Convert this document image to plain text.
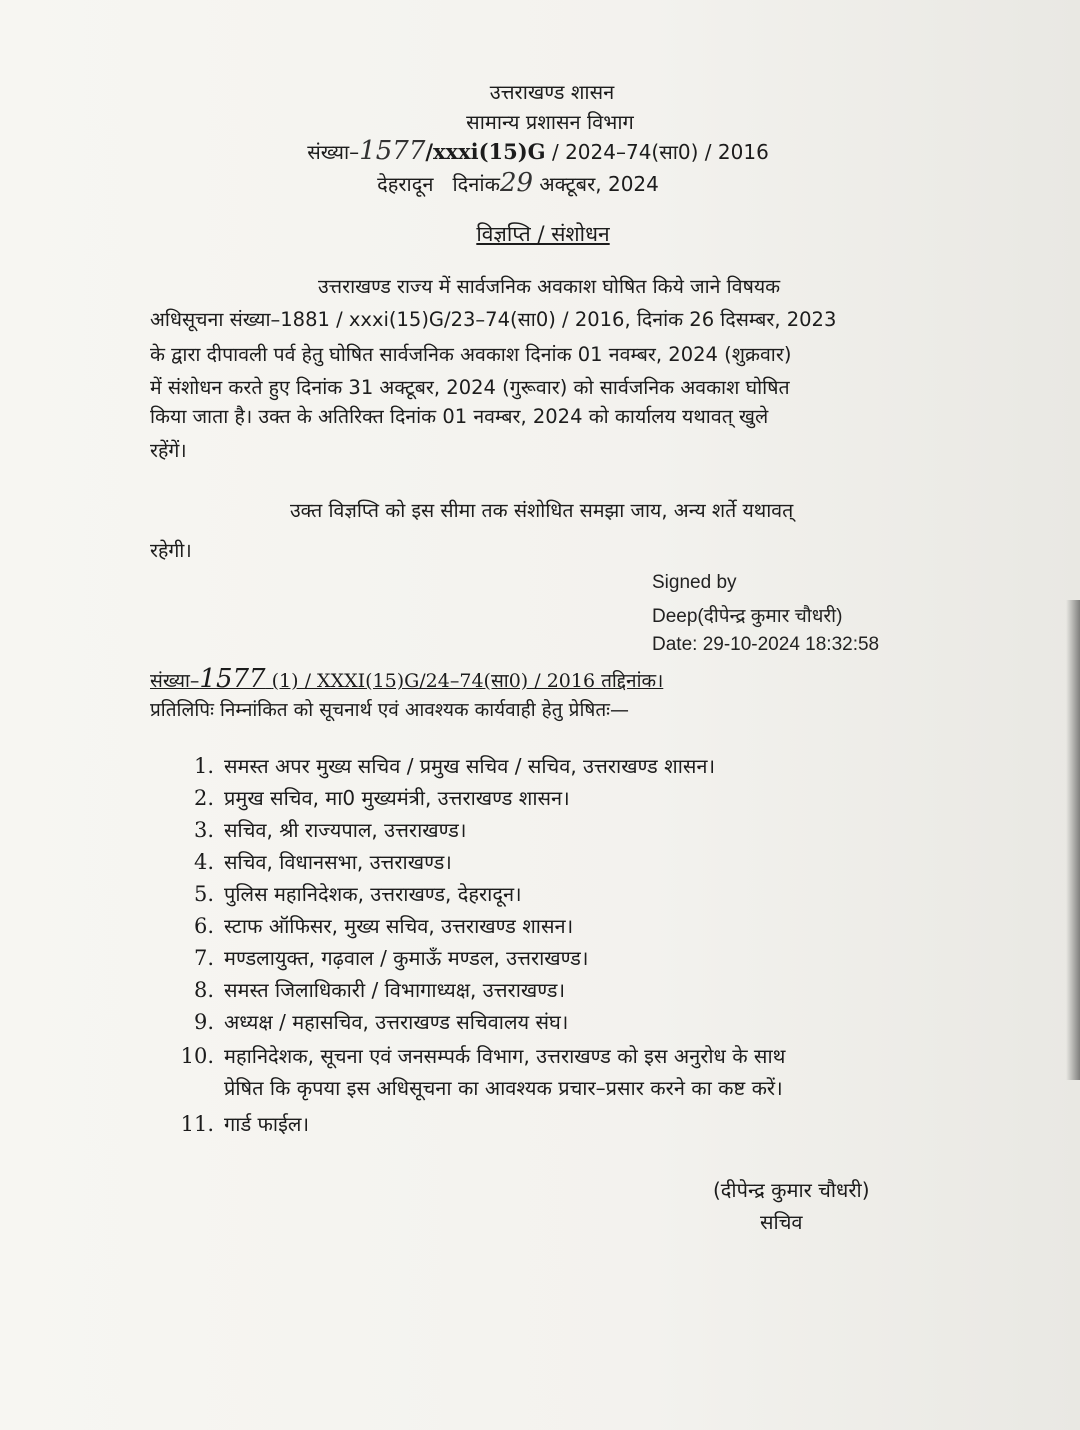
उत्तराखण्ड शासन
सामान्य प्रशासन विभाग
संख्या–1577/xxxi(15)G / 2024–74(सा0) / 2016
देहरादून दिनांक29 अक्टूबर, 2024
विज्ञप्ति / संशोधन
उत्तराखण्ड राज्य में सार्वजनिक अवकाश घोषित किये जाने विषयक
अधिसूचना संख्या–1881 / xxxi(15)G/23–74(सा0) / 2016, दिनांक 26 दिसम्बर, 2023
के द्वारा दीपावली पर्व हेतु घोषित सार्वजनिक अवकाश दिनांक 01 नवम्बर, 2024 (शुक्रवार)
में संशोधन करते हुए दिनांक 31 अक्टूबर, 2024 (गुरूवार) को सार्वजनिक अवकाश घोषित
किया जाता है। उक्त के अतिरिक्त दिनांक 01 नवम्बर, 2024 को कार्यालय यथावत् खुले
रहेंगें।
उक्त विज्ञप्ति को इस सीमा तक संशोधित समझा जाय, अन्य शर्ते यथावत्
रहेगी।
Signed by
Deep(दीपेन्द्र कुमार चौधरी)
Date: 29-10-2024 18:32:58
संख्या–1577 (1) / XXXI(15)G/24–74(सा0) / 2016 तद्दिनांक।
प्रतिलिपिः निम्नांकित को सूचनार्थ एवं आवश्यक कार्यवाही हेतु प्रेषितः—
1. समस्त अपर मुख्य सचिव / प्रमुख सचिव / सचिव, उत्तराखण्ड शासन।
2. प्रमुख सचिव, मा0 मुख्यमंत्री, उत्तराखण्ड शासन।
3. सचिव, श्री राज्यपाल, उत्तराखण्ड।
4. सचिव, विधानसभा, उत्तराखण्ड।
5. पुलिस महानिदेशक, उत्तराखण्ड, देहरादून।
6. स्टाफ ऑफिसर, मुख्य सचिव, उत्तराखण्ड शासन।
7. मण्डलायुक्त, गढ़वाल / कुमाऊँ मण्डल, उत्तराखण्ड।
8. समस्त जिलाधिकारी / विभागाध्यक्ष, उत्तराखण्ड।
9. अध्यक्ष / महासचिव, उत्तराखण्ड सचिवालय संघ।
10. महानिदेशक, सूचना एवं जनसम्पर्क विभाग, उत्तराखण्ड को इस अनुरोध के साथ
प्रेषित कि कृपया इस अधिसूचना का आवश्यक प्रचार–प्रसार करने का कष्ट करें।
11. गार्ड फाईल।
(दीपेन्द्र कुमार चौधरी)
सचिव
